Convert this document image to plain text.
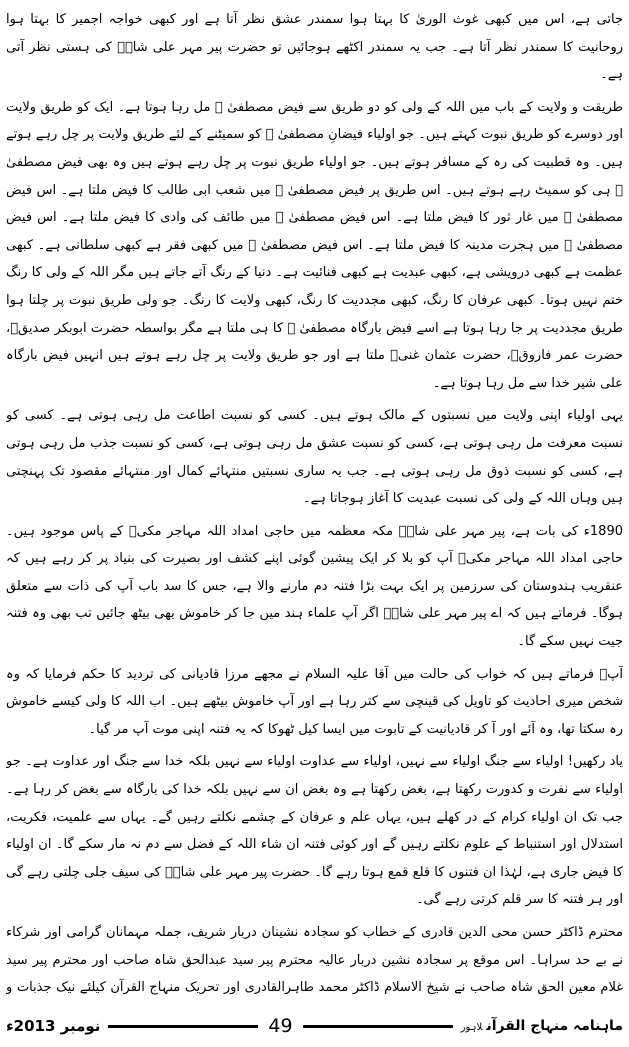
جاتی ہے، اس میں کبھی غوث الوریٰ کا بہتا ہوا سمندر عشق نظر آتا ہے اور کبھی خواجہ اجمیر کا بہتا ہوا روحانیت کا سمندر نظر آتا ہے۔ جب یہ سمندر اکٹھے ہوجائیں تو حضرت پیر مہر علی شاہؒ کی ہستی نظر آتی ہے۔

طریقت و ولایت کے باب میں اللہ کے ولی کو دو طریق سے فیض مصطفیٰ ﷺ مل رہا ہوتا ہے۔ ایک کو طریق ولایت اور دوسرے کو طریق نبوت کہتے ہیں۔ جو اولیاء فیضانِ مصطفیٰ ﷺ کو سمیٹنے کے لئے طریق ولایت پر چل رہے ہوتے ہیں۔ وہ قطبیت کی رہ کے مسافر ہوتے ہیں۔ جو اولیاء طریق نبوت پر چل رہے ہوتے ہیں وہ بھی فیض مصطفیٰ ﷺ ہی کو سمیٹ رہے ہوتے ہیں۔ اس طریق پر فیض مصطفیٰ ﷺ میں شعب ابی طالب کا فیض ملتا ہے۔ اس فیض مصطفیٰ ﷺ میں غار ثور کا فیض ملتا ہے۔ اس فیض مصطفیٰ ﷺ میں طائف کی وادی کا فیض ملتا ہے۔ اس فیض مصطفیٰ ﷺ میں ہجرت مدینہ کا فیض ملتا ہے۔ اس فیض مصطفیٰ ﷺ میں کبھی فقر ہے کبھی سلطانی ہے۔ کبھی عظمت ہے کبھی درویشی ہے، کبھی عبدیت ہے کبھی فنائیت ہے۔ دنیا کے رنگ آتے جاتے ہیں مگر اللہ کے ولی کا رنگ ختم نہیں ہوتا۔ کبھی عرفان کا رنگ، کبھی مجددیت کا رنگ، کبھی ولایت کا رنگ۔ جو ولی طریق نبوت پر چلتا ہوا طریق مجددیت پر جا رہا ہوتا ہے اسے فیض بارگاہ مصطفیٰ ﷺ کا ہی ملتا ہے مگر بواسطہ حضرت ابوبکر صدیقؓ، حضرت عمر فاروقؓ، حضرت عثمان غنیؓ ملتا ہے اور جو طریق ولایت پر چل رہے ہوتے ہیں انہیں فیض بارگاہ علی شیر خدا سے مل رہا ہوتا ہے۔

یہی اولیاء اپنی ولایت میں نسبتوں کے مالک ہوتے ہیں۔ کسی کو نسبت اطاعت مل رہی ہوتی ہے۔ کسی کو نسبت معرفت مل رہی ہوتی ہے، کسی کو نسبت عشق مل رہی ہوتی ہے، کسی کو نسبت جذب مل رہی ہوتی ہے، کسی کو نسبت ذوق مل رہی ہوتی ہے۔ جب یہ ساری نسبتیں منتہائے کمال اور منتہائے مقصود تک پہنچتی ہیں وہاں اللہ کے ولی کی نسبت عبدیت کا آغاز ہوجاتا ہے۔

1890ء کی بات ہے، پیر مہر علی شاہؒ مکہ معظمہ میں حاجی امداد اللہ مہاجر مکیؒ کے پاس موجود ہیں۔ حاجی امداد اللہ مہاجر مکیؒ آپ کو بلا کر ایک پیشین گوئی اپنے کشف اور بصیرت کی بنیاد پر کر رہے ہیں کہ عنقریب ہندوستان کی سرزمین پر ایک بہت بڑا فتنہ دم مارنے والا ہے، جس کا سد باب آپ کی ذات سے متعلق ہوگا۔ فرماتے ہیں کہ اے پیر مہر علی شاہؒ اگر آپ علماء ہند میں جا کر خاموش بھی بیٹھ جائیں تب بھی وہ فتنہ جیت نہیں سکے گا۔

آپؒ فرماتے ہیں کہ خواب کی حالت میں آقا علیہ السلام نے مجھے مرزا قادیانی کی تردید کا حکم فرمایا کہ وہ شخص میری احادیث کو تاویل کی قینچی سے کتر رہا ہے اور آپ خاموش بیٹھے ہیں۔ اب اللہ کا ولی کیسے خاموش رہ سکتا تھا، وہ آئے اور آ کر قادیانیت کے تابوت میں ایسا کیل ٹھوکا کہ یہ فتنہ اپنی موت آپ مر گیا۔

یاد رکھیں! اولیاء سے جنگ اولیاء سے نہیں، اولیاء سے عداوت اولیاء سے نہیں بلکہ خدا سے جنگ اور عداوت ہے۔ جو اولیاء سے نفرت و کدورت رکھتا ہے، بغض رکھتا ہے وہ بغض ان سے نہیں بلکہ خدا کی بارگاہ سے بغض کر رہا ہے۔ جب تک ان اولیاء کرام کے در کھلے ہیں، یہاں علم و عرفان کے چشمے نکلتے رہیں گے۔ یہاں سے علمیت، فکریت، استدلال اور استنباط کے علوم نکلتے رہیں گے اور کوئی فتنہ ان شاء اللہ کے فضل سے دم نہ مار سکے گا۔ ان اولیاء کا فیض جاری ہے، لہٰذا ان فتنوں کا قلع قمع ہوتا رہے گا۔ حضرت پیر مہر علی شاہؒ کی سیف جلی چلتی رہے گی اور ہر فتنہ کا سر قلم کرتی رہے گی۔

محترم ڈاکٹر حسن محی الدین قادری کے خطاب کو سجادہ نشینان دربار شریف، جملہ مہمانان گرامی اور شرکاء نے بے حد سراہا۔ اس موقع پر سجادہ نشین دربار عالیہ محترم پیر سید عبدالحق شاہ صاحب اور محترم پیر سید غلام معین الحق شاہ صاحب نے شیخ الاسلام ڈاکٹر محمد طاہرالقادری اور تحریک منہاج القرآن کیلئے نیک جذبات و

ماہنامہ منہاج القرآنلاہور
49
نومبر 2013ء
